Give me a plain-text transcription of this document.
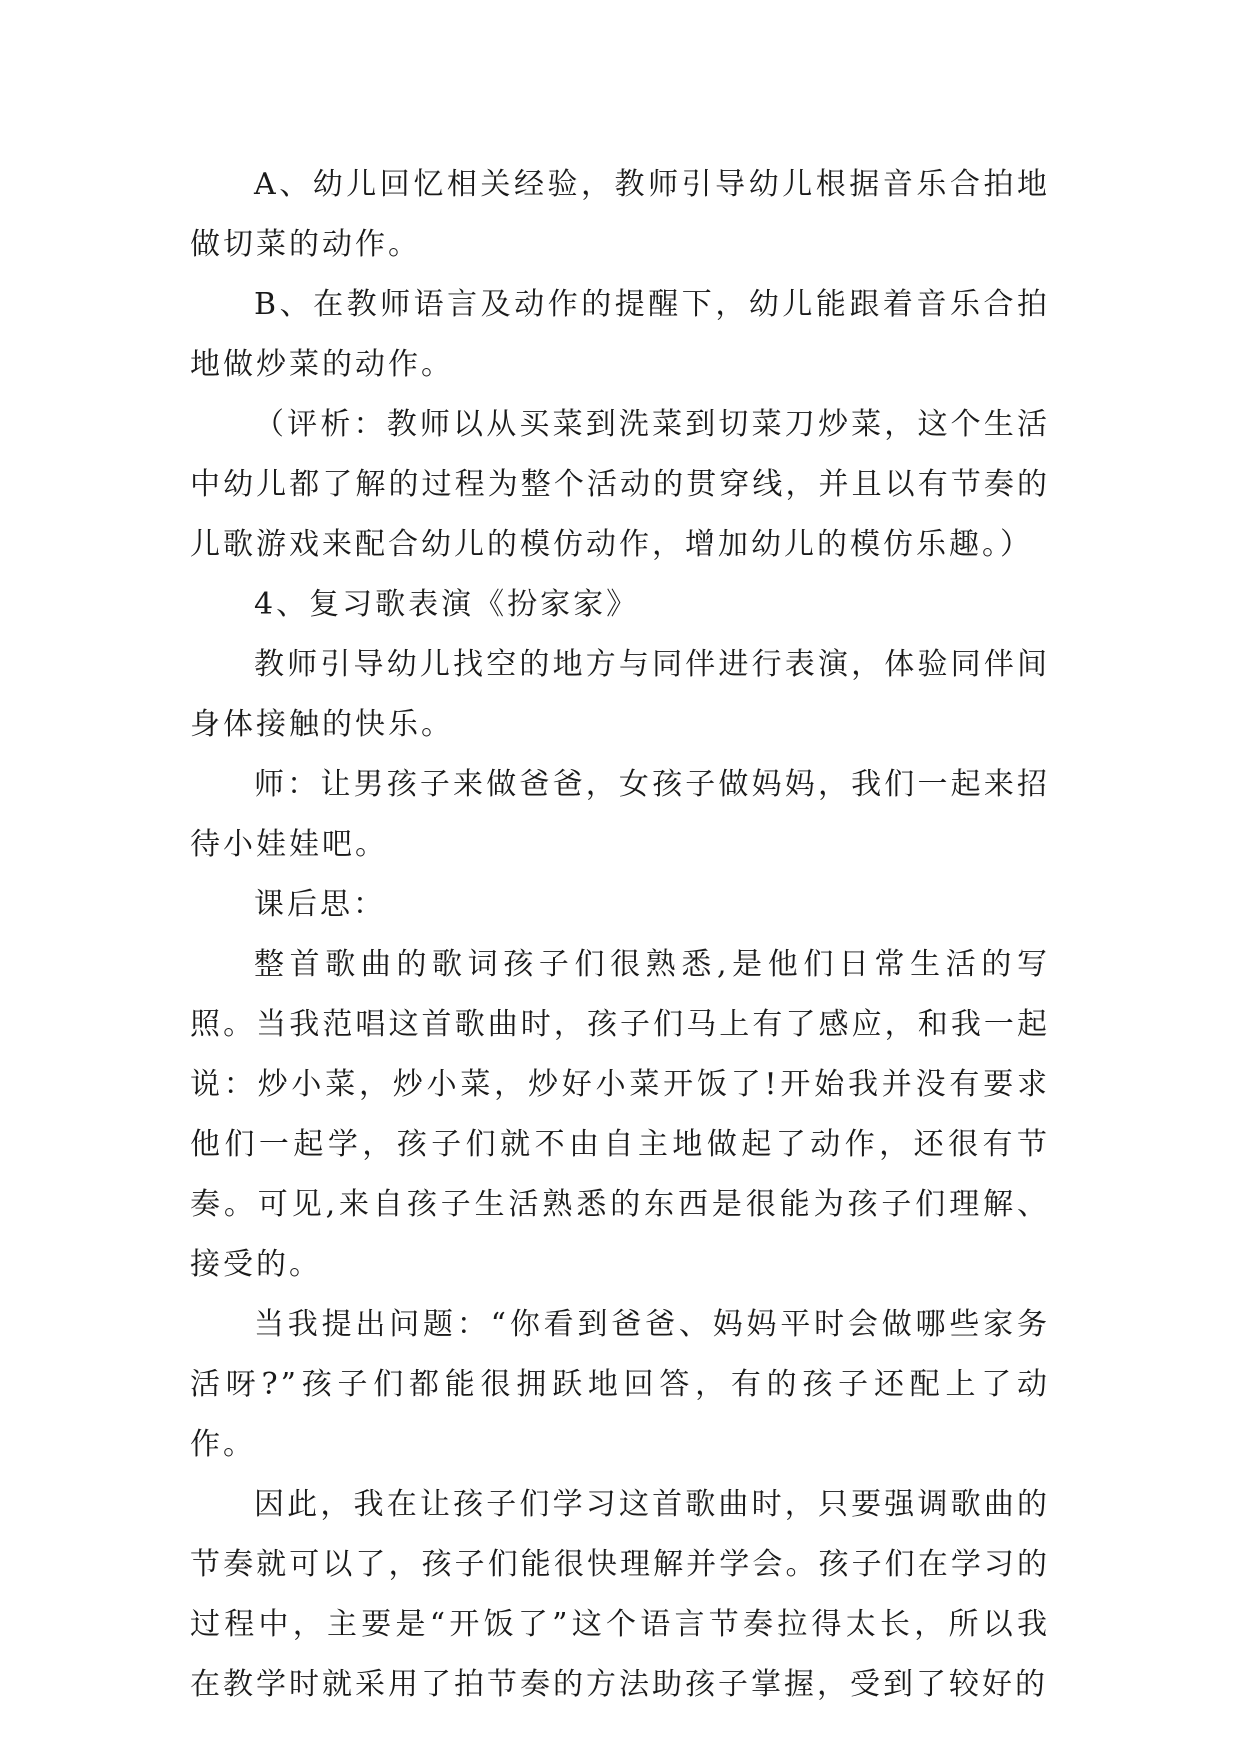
A、幼儿回忆相关经验，教师引导幼儿根据音乐合拍地做切菜的动作。

B、在教师语言及动作的提醒下，幼儿能跟着音乐合拍地做炒菜的动作。

（评析：教师以从买菜到洗菜到切菜刀炒菜，这个生活中幼儿都了解的过程为整个活动的贯穿线，并且以有节奏的儿歌游戏来配合幼儿的模仿动作，增加幼儿的模仿乐趣。）

4、复习歌表演《扮家家》

教师引导幼儿找空的地方与同伴进行表演，体验同伴间身体接触的快乐。

师：让男孩子来做爸爸，女孩子做妈妈，我们一起来招待小娃娃吧。

课后思：

整首歌曲的歌词孩子们很熟悉,是他们日常生活的写照。当我范唱这首歌曲时，孩子们马上有了感应，和我一起说：炒小菜，炒小菜，炒好小菜开饭了!开始我并没有要求他们一起学，孩子们就不由自主地做起了动作，还很有节奏。可见,来自孩子生活熟悉的东西是很能为孩子们理解、接受的。

当我提出问题：“你看到爸爸、妈妈平时会做哪些家务活呀?”孩子们都能很拥跃地回答，有的孩子还配上了动作。

因此，我在让孩子们学习这首歌曲时，只要强调歌曲的节奏就可以了，孩子们能很快理解并学会。孩子们在学习的过程中，主要是“开饭了”这个语言节奏拉得太长，所以我在教学时就采用了拍节奏的方法助孩子掌握，受到了较好的
